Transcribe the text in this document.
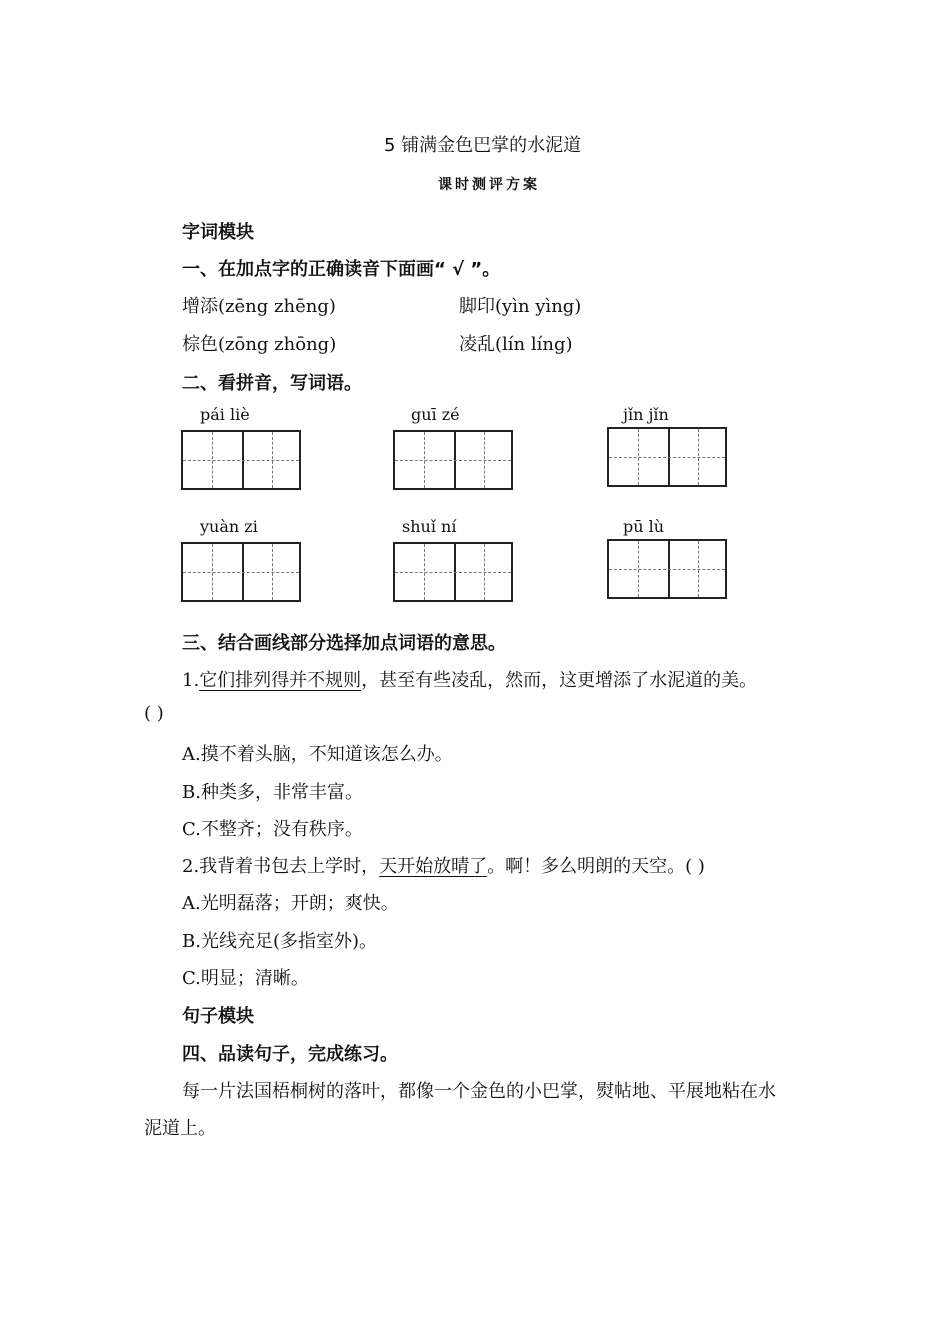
5 铺满金色巴掌的水泥道
课时测评方案
字词模块
一、在加点字的正确读音下面画“ √ ”。
增添(zēng zhēng)	脚印(yìn yìng)
棕色(zōng zhōng)	凌乱(lín líng)
二、看拼音，写词语。
pái liè	guī zé	jǐn jǐn
yuàn zi	shuǐ ní	pū lù
三、结合画线部分选择加点词语的意思。
1.它们排列得并不规则，甚至有些凌乱，然而，这更增添了水泥道的美。
( )
A.摸不着头脑，不知道该怎么办。
B.种类多，非常丰富。
C.不整齐；没有秩序。
2.我背着书包去上学时，天开始放晴了。啊！多么明朗的天空。( )
A.光明磊落；开朗；爽快。
B.光线充足(多指室外)。
C.明显；清晰。
句子模块
四、品读句子，完成练习。
每一片法国梧桐树的落叶，都像一个金色的小巴掌，熨帖地、平展地粘在水
泥道上。
